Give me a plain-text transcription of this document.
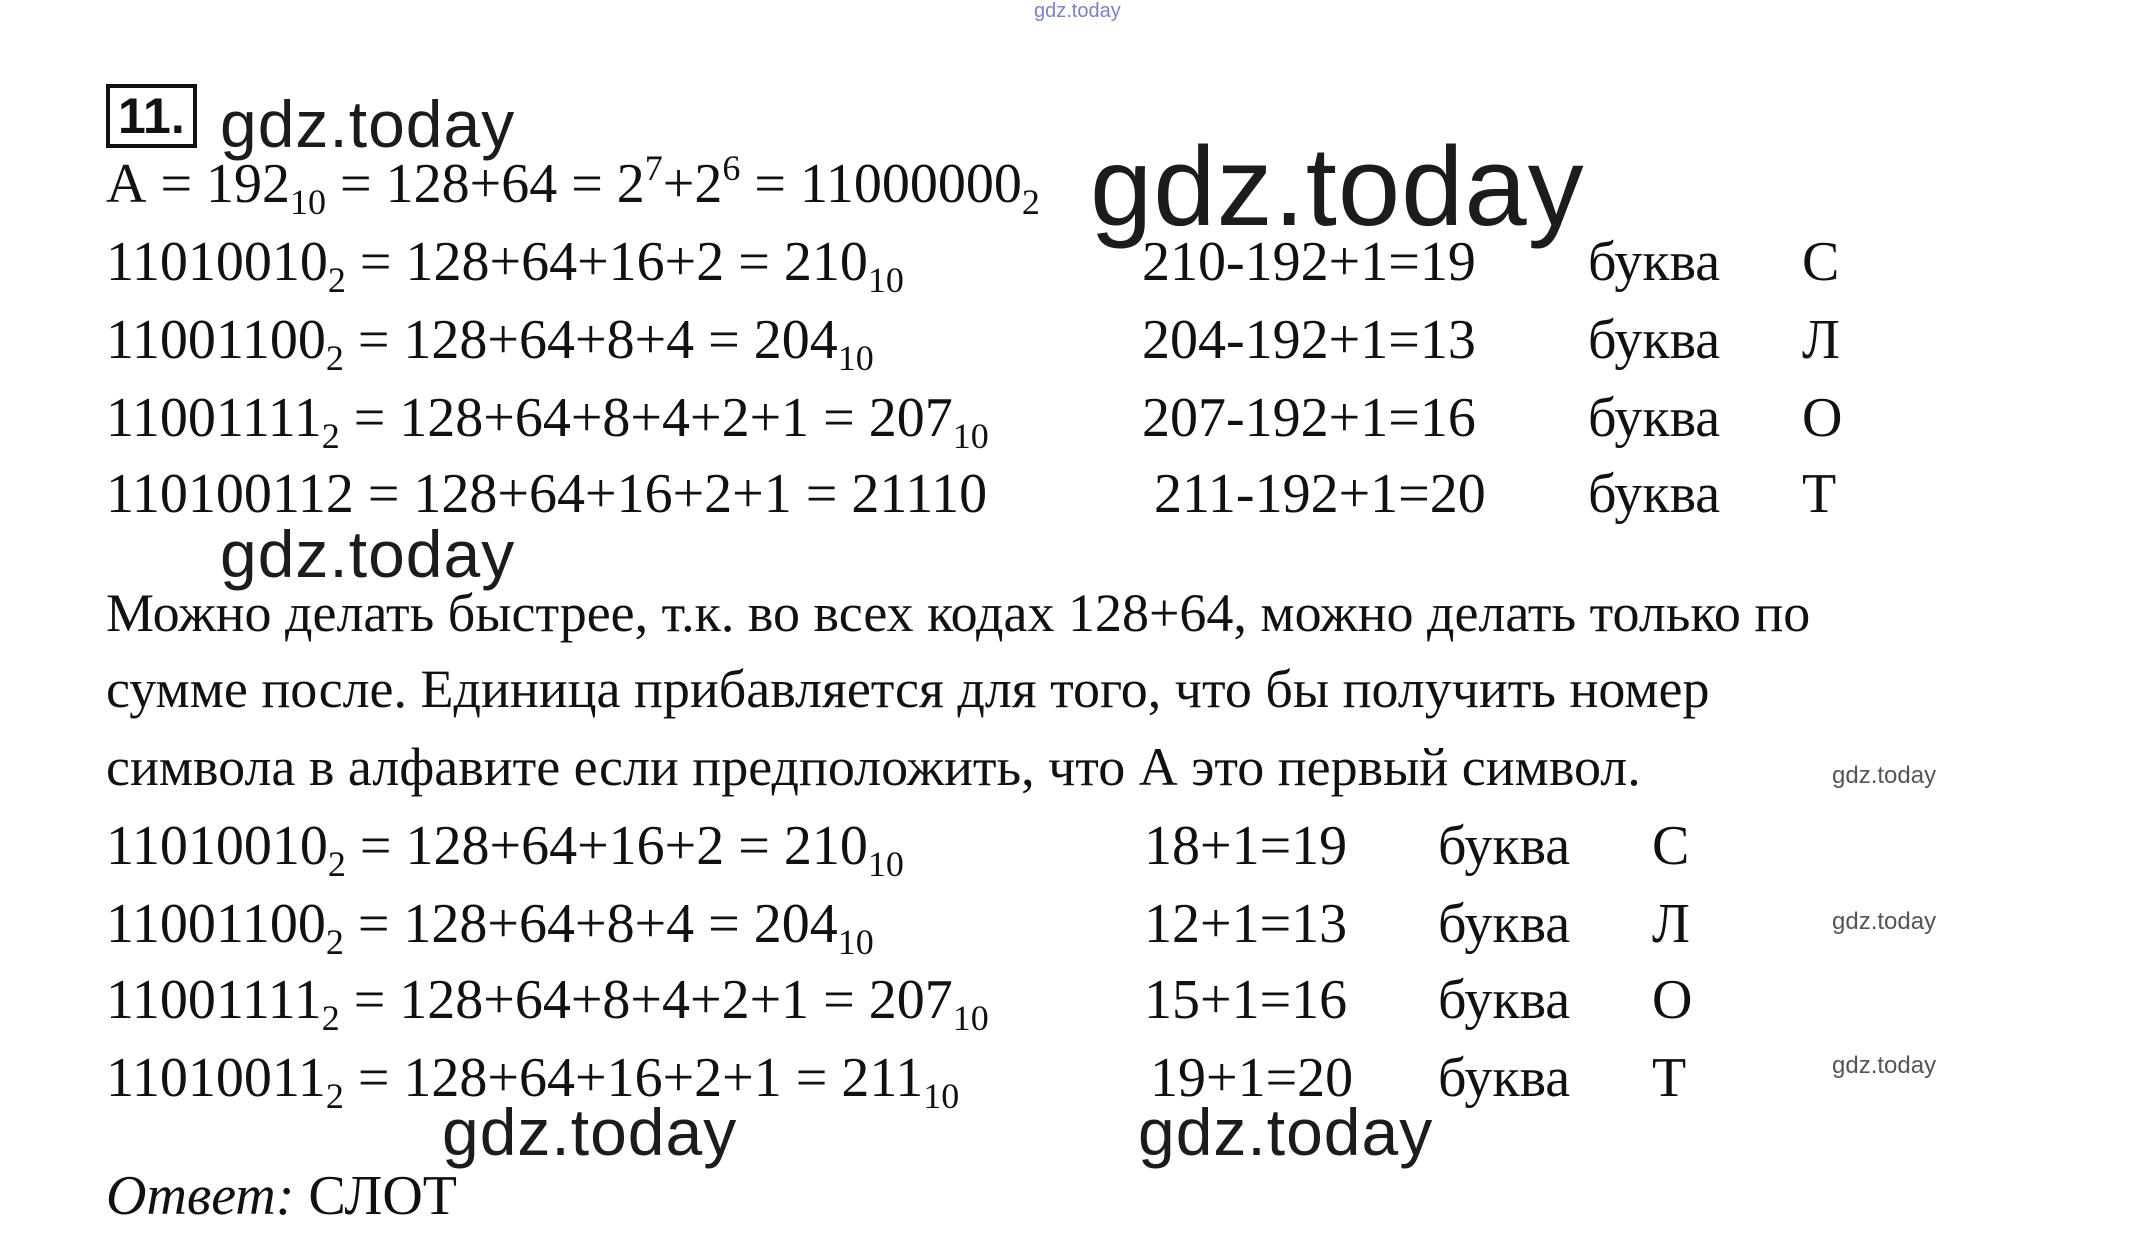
gdz.today
gdz.today	gdz.today
gdz.today
gdz.today
gdz.today
gdz.today
gdz.today	gdz.today
11.
$А = 192_{10} = 128+64 = 2^7+2^6 = 11000000_2$
$11010010_2 = 128+64+16+2 = 210_{10}$	210-192+1=19 буква С
$11001100_2 = 128+64+8+4 = 204_{10}$	204-192+1=13 буква Л
$11001111_2 = 128+64+8+4+2+1 = 207_{10}$	207-192+1=16 буква О
110100112 = 128+64+16+2+1 = 21110	211-192+1=20 буква Т
Можно делать быстрее, т.к. во всех кодах 128+64, можно делать только по
сумме после. Единица прибавляется для того, что бы получить номер
символа в алфавите если предположить, что А это первый символ.
$11010010_2 = 128+64+16+2 = 210_{10}$	18+1=19 буква С
$11001100_2 = 128+64+8+4 = 204_{10}$	12+1=13 буква Л
$11001111_2 = 128+64+8+4+2+1 = 207_{10}$	15+1=16 буква О
$11010011_2 = 128+64+16+2+1 = 211_{10}$	19+1=20 буква Т
Ответ: СЛОТ
